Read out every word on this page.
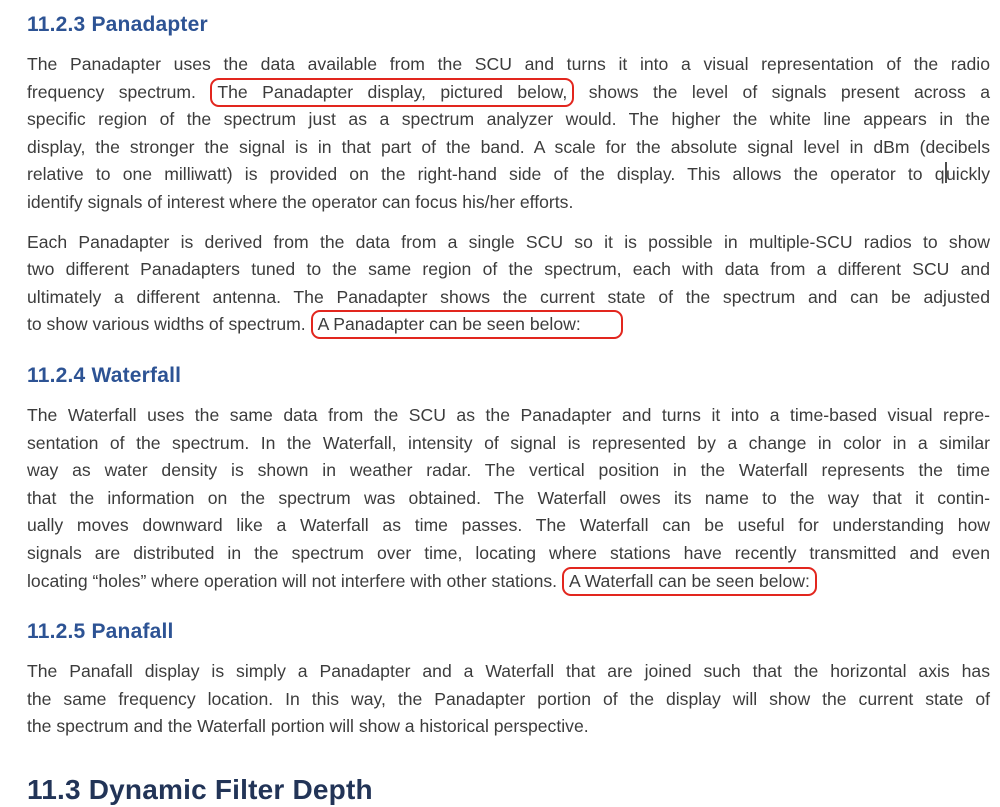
11.2.3 Panadapter
The Panadapter uses the data available from the SCU and turns it into a visual representation of the radio
frequency spectrum. The Panadapter display, pictured below, shows the level of signals present across a
specific region of the spectrum just as a spectrum analyzer would. The higher the white line appears in the
display, the stronger the signal is in that part of the band. A scale for the absolute signal level in dBm (decibels
relative to one milliwatt) is provided on the right-hand side of the display. This allows the operator to quickly
identify signals of interest where the operator can focus his/her efforts.
Each Panadapter is derived from the data from a single SCU so it is possible in multiple-SCU radios to show
two different Panadapters tuned to the same region of the spectrum, each with data from a different SCU and
ultimately a different antenna. The Panadapter shows the current state of the spectrum and can be adjusted
to show various widths of spectrum. A Panadapter can be seen below:
11.2.4 Waterfall
The Waterfall uses the same data from the SCU as the Panadapter and turns it into a time-based visual repre-
sentation of the spectrum. In the Waterfall, intensity of signal is represented by a change in color in a similar
way as water density is shown in weather radar. The vertical position in the Waterfall represents the time
that the information on the spectrum was obtained. The Waterfall owes its name to the way that it contin-
ually moves downward like a Waterfall as time passes. The Waterfall can be useful for understanding how
signals are distributed in the spectrum over time, locating where stations have recently transmitted and even
locating “holes” where operation will not interfere with other stations. A Waterfall can be seen below:
11.2.5 Panafall
The Panafall display is simply a Panadapter and a Waterfall that are joined such that the horizontal axis has
the same frequency location. In this way, the Panadapter portion of the display will show the current state of
the spectrum and the Waterfall portion will show a historical perspective.
11.3 Dynamic Filter Depth
